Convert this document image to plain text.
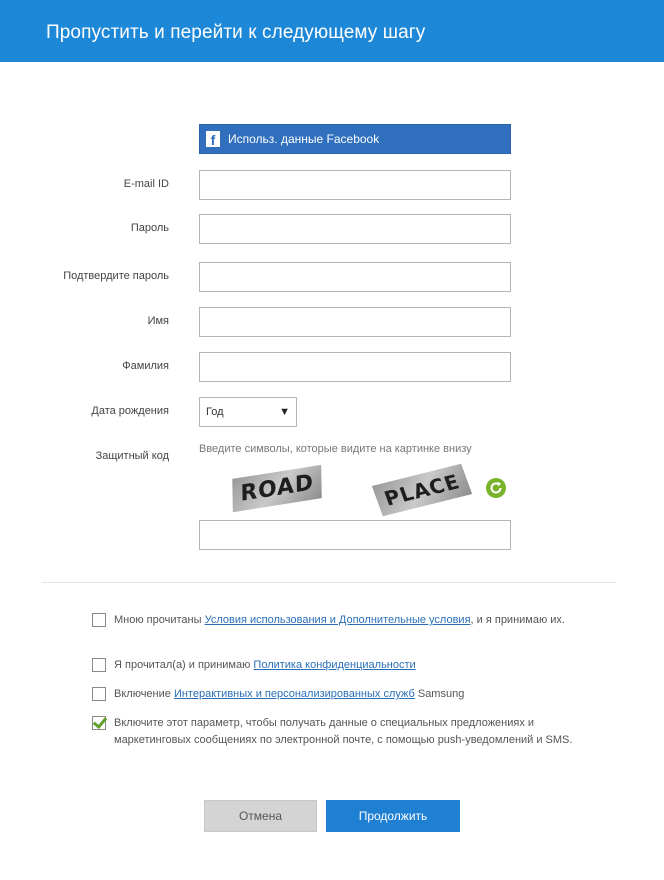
Пропустить и перейти к следующему шагу
f	Использ. данные Facebook
E-mail ID
Пароль
Подтвердите пароль
Имя
Фамилия
Дата рождения	Год	▼
Защитный код
Введите символы, которые видите на картинке внизу
ROAD	PLACE
Мною прочитаны Условия использования и Дополнительные условия, и я принимаю их.
Я прочитал(а) и принимаю Политика конфиденциальности
Включение Интерактивных и персонализированных служб Samsung
Включите этот параметр, чтобы получать данные о специальных предложениях и маркетинговых сообщениях по электронной почте, с помощью push-уведомлений и SMS.
Отмена	Продолжить
